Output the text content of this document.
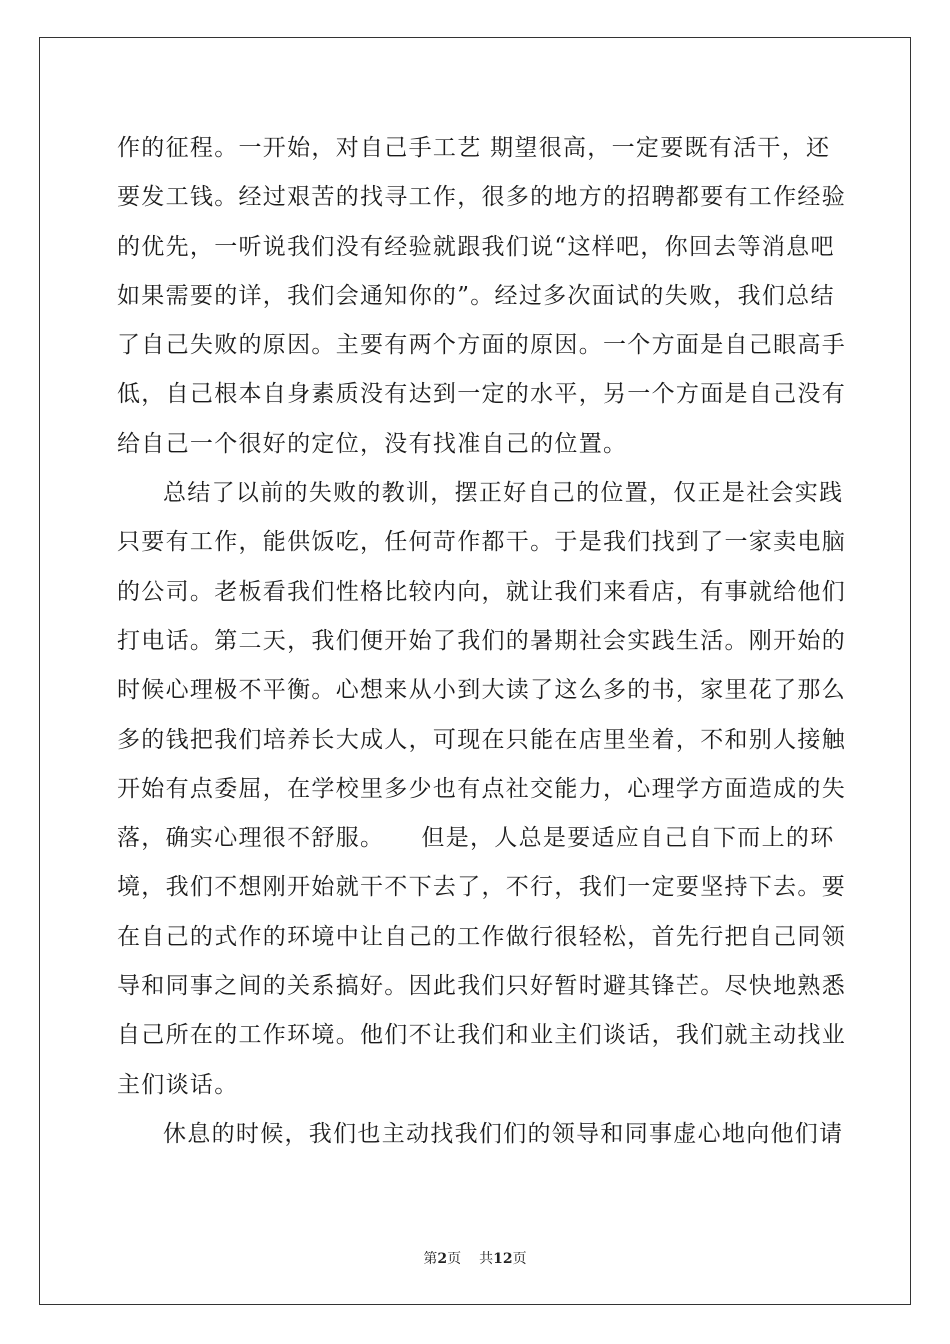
作的征程。一开始，对自己手工艺 期望很高，一定要既有活干，还
要发工钱。经过艰苦的找寻工作，很多的地方的招聘都要有工作经验
的优先，一听说我们没有经验就跟我们说“这样吧，你回去等消息吧
如果需要的详，我们会通知你的”。经过多次面试的失败，我们总结
了自己失败的原因。主要有两个方面的原因。一个方面是自己眼高手
低，自己根本自身素质没有达到一定的水平，另一个方面是自己没有
给自己一个很好的定位，没有找准自己的位置。
总结了以前的失败的教训，摆正好自己的位置，仅正是社会实践
只要有工作，能供饭吃，任何苛作都干。于是我们找到了一家卖电脑
的公司。老板看我们性格比较内向，就让我们来看店，有事就给他们
打电话。第二天，我们便开始了我们的暑期社会实践生活。刚开始的
时候心理极不平衡。心想来从小到大读了这么多的书，家里花了那么
多的钱把我们培养长大成人，可现在只能在店里坐着，不和别人接触
开始有点委屈，在学校里多少也有点社交能力，心理学方面造成的失
落，确实心理很不舒服。　　但是，人总是要适应自己自下而上的环
境，我们不想刚开始就干不下去了，不行，我们一定要坚持下去。要
在自己的式作的环境中让自己的工作做行很轻松，首先行把自己同领
导和同事之间的关系搞好。因此我们只好暂时避其锋芒。尽快地熟悉
自己所在的工作环境。他们不让我们和业主们谈话，我们就主动找业
主们谈话。
休息的时候，我们也主动找我们们的领导和同事虚心地向他们请
第2页 共12页
